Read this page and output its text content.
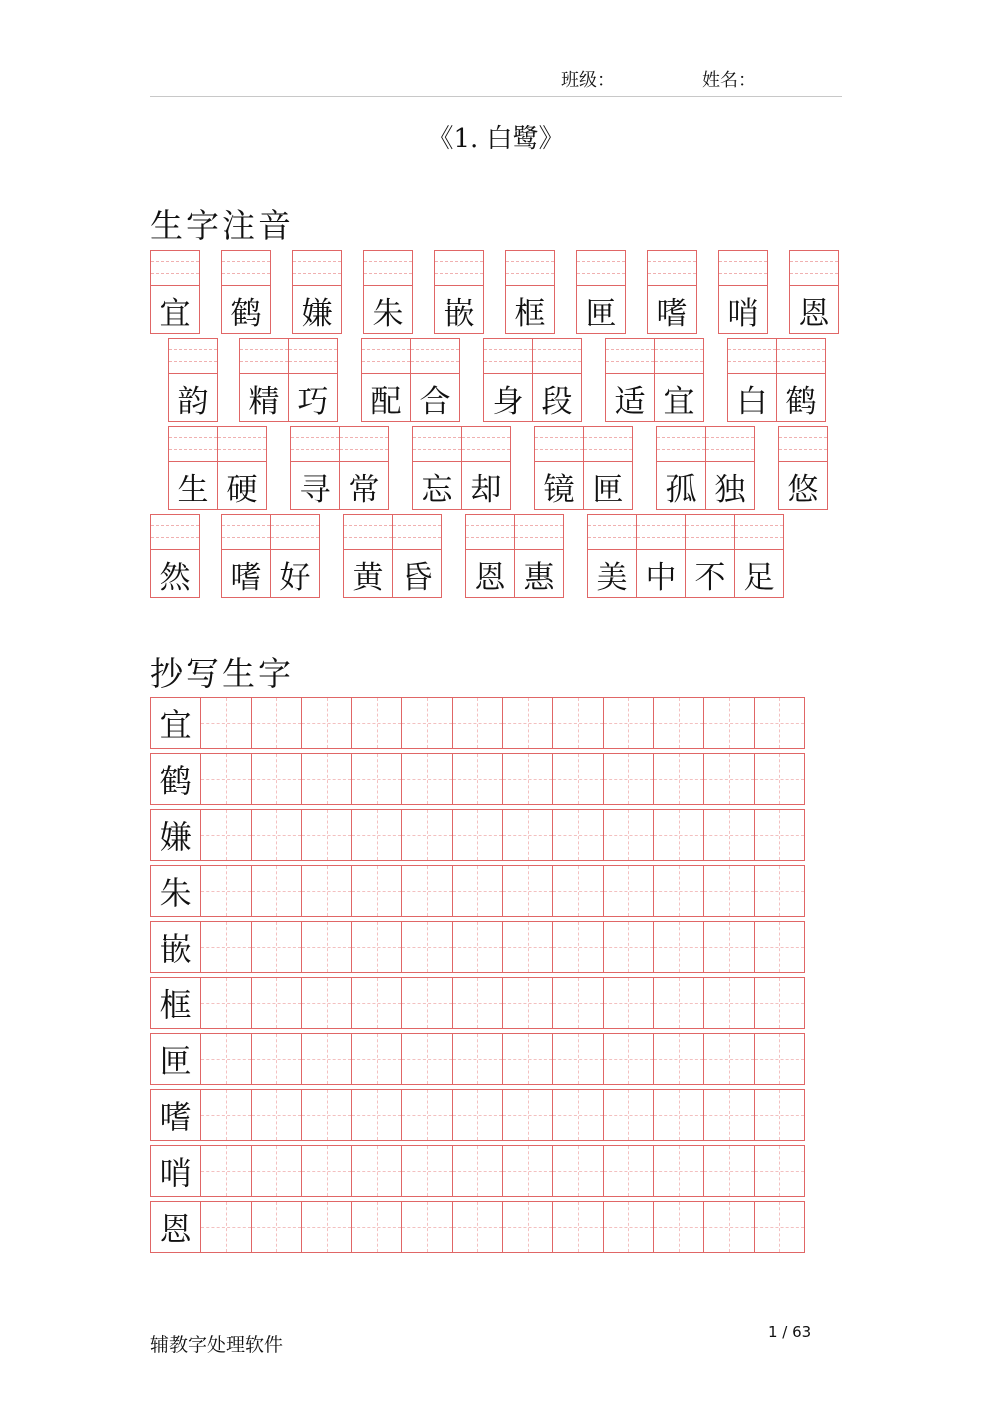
班级：	姓名：
《1. 白鹭》
生字注音
宜 鹤 嫌 朱 嵌 框 匣 嗜 哨 恩
韵 精 巧 配 合 身 段 适 宜 白 鹤
生 硬 寻 常 忘 却 镜 匣 孤 独 悠
然 嗜 好 黄 昏 恩 惠 美 中 不 足
抄写生字
宜
鹤
嫌
朱
嵌
框
匣
嗜
哨
恩
辅教字处理软件
1 / 63
